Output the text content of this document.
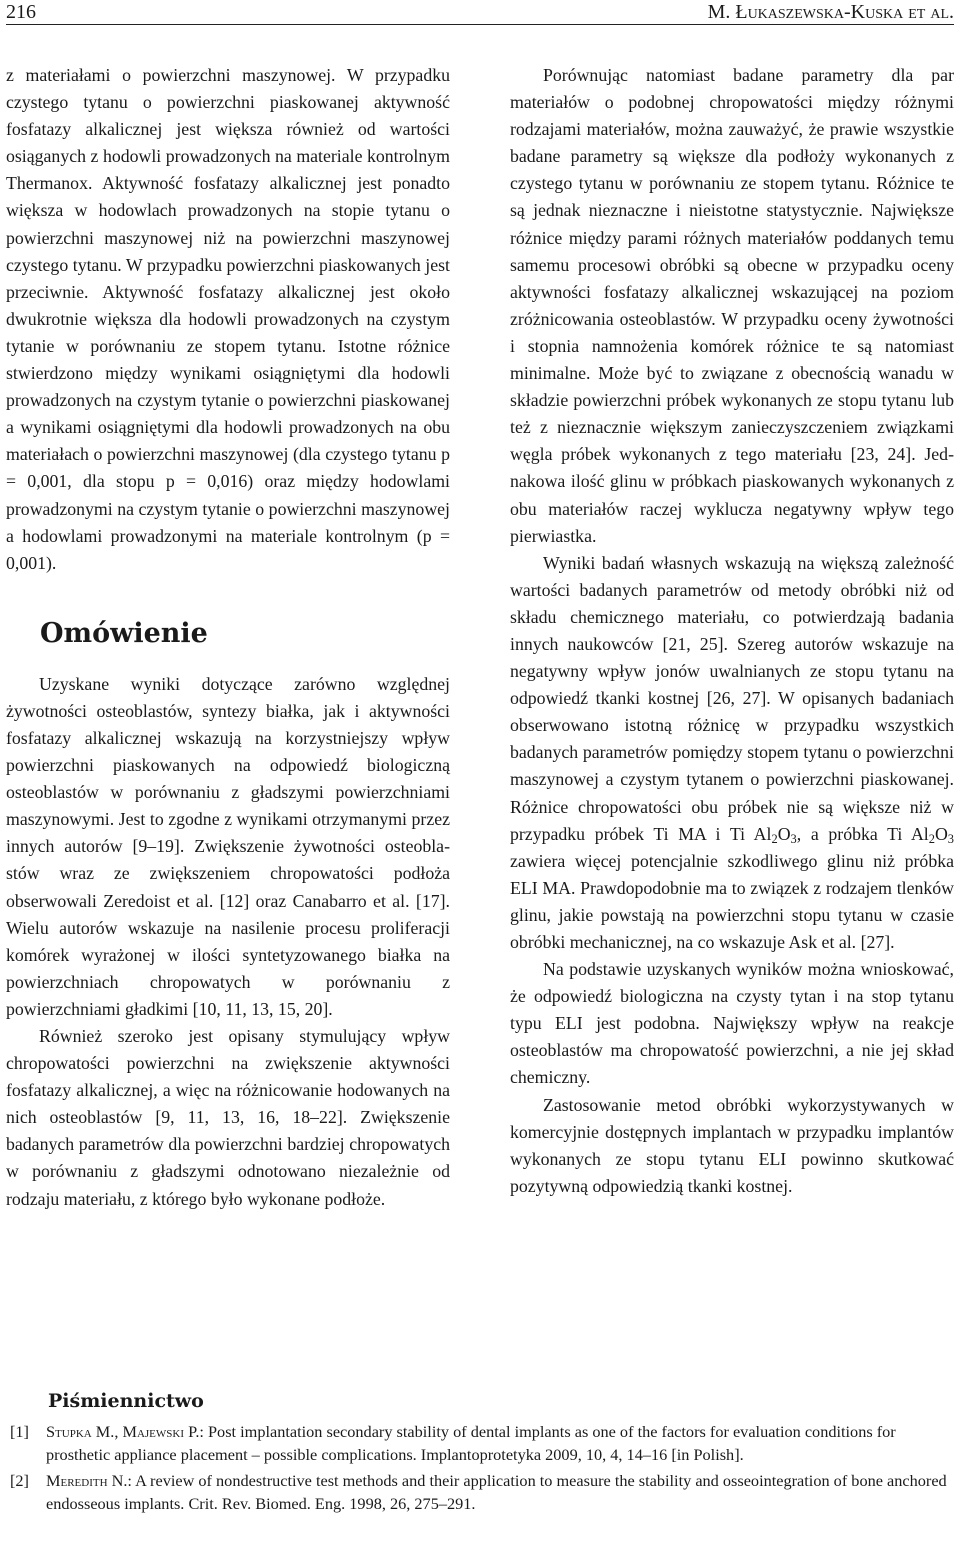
216	M. Łukaszewska-Kuska et al.

z materiałami o powierzchni maszynowej. W przypadku czystego tytanu o powierzchni piaskowanej aktywność fosfatazy alkalicznej jest większa również od wartości osiąganych z hodowli prowadzonych na materiale kontrolnym Thermanox. Aktywność fosfatazy alkalicznej jest ponadto większa w hodowlach prowadzonych na stopie tytanu o powierzchni maszynowej niż na powierzchni maszynowej czystego tytanu. W przypadku powierzchni piaskowanych jest przeciwnie. Aktywność fosfatazy alkalicznej jest około dwukrotnie większa dla hodowli prowadzonych na czystym tytanie w porównaniu ze stopem tytanu. Istotne różnice stwierdzono między wynikami osiągniętymi dla hodowli prowadzonych na czystym tytanie o powierzchni piaskowanej a wynikami osiągniętymi dla hodowli prowadzonych na obu materiałach o powierzchni maszynowej (dla czystego tytanu p = 0,001, dla stopu p = 0,016) oraz między hodowlami prowadzonymi na czystym tytanie o powierzchni maszynowej a hodowlami prowadzonymi na materiale kontrolnym (p = 0,001).

Omówienie

Uzyskane wyniki dotyczące zarówno względnej żywotności osteoblastów, syntezy białka, jak i aktywności fosfatazy alkalicznej wskazują na korzystniejszy wpływ powierzchni piaskowanych na odpowiedź biologiczną osteoblastów w porównaniu z gładszymi powierzchniami maszynowymi. Jest to zgodne z wynikami otrzymanymi przez innych autorów [9–19]. Zwiększenie żywotności osteoblastów wraz ze zwiększeniem chropowatości podłoża obserwowali Zeredoist et al. [12] oraz Canabarro et al. [17]. Wielu autorów wskazuje na nasilenie procesu proliferacji komórek wyrażonej w ilości syntetyzowanego białka na powierzchniach chropowatych w porównaniu z powierzchniami gładkimi [10, 11, 13, 15, 20].

Również szeroko jest opisany stymulujący wpływ chropowatości powierzchni na zwiększenie aktywności fosfatazy alkalicznej, a więc na różnicowanie hodowanych na nich osteoblastów [9, 11, 13, 16, 18–22]. Zwiększenie badanych parametrów dla powierzchni bardziej chropowatych w porównaniu z gładszymi odnotowano niezależnie od rodzaju materiału, z którego było wykonane podłoże.

Porównując natomiast badane parametry dla par materiałów o podobnej chropowatości między różnymi rodzajami materiałów, można zauważyć, że prawie wszystkie badane parametry są większe dla podłoży wykonanych z czystego tytanu w porównaniu ze stopem tytanu. Różnice te są jednak nieznaczne i nieistotne statystycznie. Największe różnice między parami różnych materiałów poddanych temu samemu procesowi obróbki są obecne w przypadku oceny aktywności fosfatazy alkalicznej wskazującej na poziom zróżnicowania osteoblastów. W przypadku oceny żywotności i stopnia namnożenia komórek różnice te są natomiast minimalne. Może być to związane z obecnością wanadu w składzie powierzchni próbek wykonanych ze stopu tytanu lub też z nieznacznie większym zanieczyszczeniem związkami węgla próbek wykonanych z tego materiału [23, 24]. Jednakowa ilość glinu w próbkach piaskowanych wykonanych z obu materiałów raczej wyklucza negatywny wpływ tego pierwiastka.

Wyniki badań własnych wskazują na większą zależność wartości badanych parametrów od metody obróbki niż od składu chemicznego materiału, co potwierdzają badania innych naukowców [21, 25]. Szereg autorów wskazuje na negatywny wpływ jonów uwalnianych ze stopu tytanu na odpowiedź tkanki kostnej [26, 27]. W opisanych badaniach obserwowano istotną różnicę w przypadku wszystkich badanych parametrów pomiędzy stopem tytanu o powierzchni maszynowej a czystym tytanem o powierzchni piaskowanej. Różnice chropowatości obu próbek nie są większe niż w przypadku próbek Ti MA i Ti $Al_2O_3$, a próbka Ti $Al_2O_3$ zawiera więcej potencjalnie szkodliwego glinu niż próbka ELI MA. Prawdopodobnie ma to związek z rodzajem tlenków glinu, jakie powstają na powierzchni stopu tytanu w czasie obróbki mechanicznej, na co wskazuje Ask et al. [27].

Na podstawie uzyskanych wyników można wnioskować, że odpowiedź biologiczna na czysty tytan i na stop tytanu typu ELI jest podobna. Największy wpływ na reakcje osteoblastów ma chropowatość powierzchni, a nie jej skład chemiczny.

Zastosowanie metod obróbki wykorzystywanych w komercyjnie dostępnych implantach w przypadku implantów wykonanych ze stopu tytanu ELI powinno skutkować pozytywną odpowiedzią tkanki kostnej.

Piśmiennictwo
[1] Stupka M., Majewski P.: Post implantation secondary stability of dental implants as one of the factors for evaluation conditions for prosthetic appliance placement – possible complications. Implantoprotetyka 2009, 10, 4, 14–16 [in Polish].
[2] Meredith N.: A review of nondestructive test methods and their application to measure the stability and osseointegration of bone anchored endosseous implants. Crit. Rev. Biomed. Eng. 1998, 26, 275–291.
